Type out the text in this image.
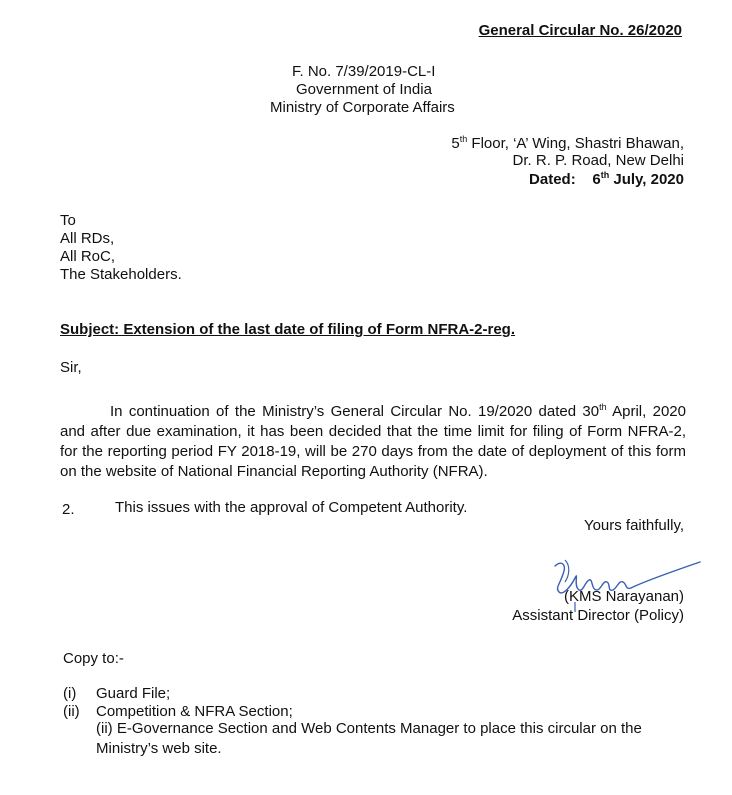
General Circular No. 26/2020
F. No. 7/39/2019-CL-I
Government of India
Ministry of Corporate Affairs
5th Floor, ‘A’ Wing, Shastri Bhawan,
Dr. R. P. Road, New Delhi
Dated: 6th July, 2020
To
All RDs,
All RoC,
The Stakeholders.
Subject: Extension of the last date of filing of Form NFRA-2-reg.
Sir,
In continuation of the Ministry’s General Circular No. 19/2020 dated 30th April, 2020 and after due examination, it has been decided that the time limit for filing of Form NFRA-2, for the reporting period FY 2018-19, will be 270 days from the date of deployment of this form on the website of National Financial Reporting Authority (NFRA).
2.	This issues with the approval of Competent Authority.
Yours faithfully,
(KMS Narayanan)
Assistant Director (Policy)
Copy to:-
(i) Guard File;
(ii) Competition & NFRA Section;
(ii) E-Governance Section and Web Contents Manager to place this circular on the Ministry’s web site.
